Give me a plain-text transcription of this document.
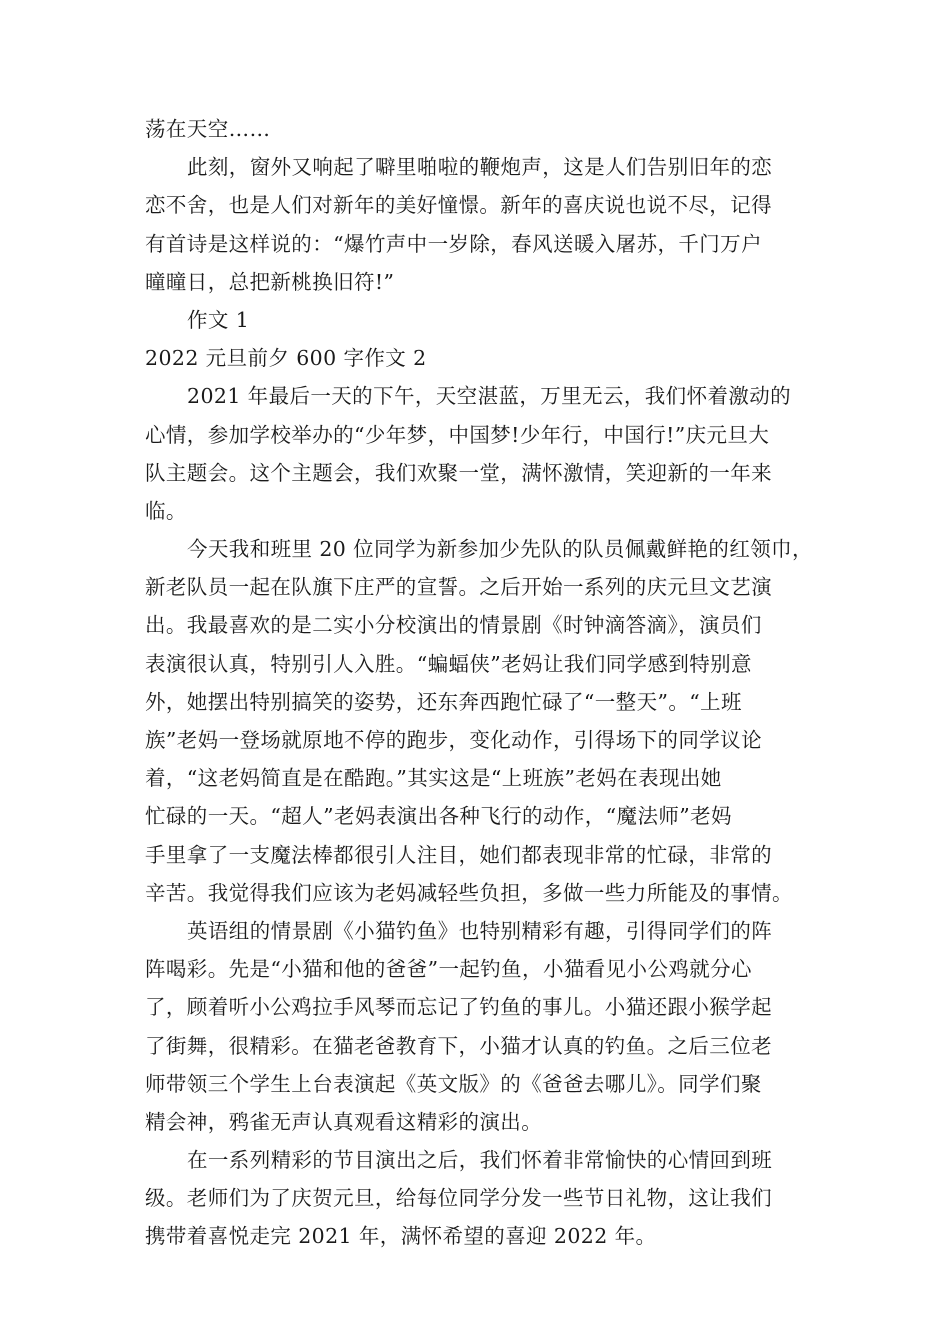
荡在天空……
此刻，窗外又响起了噼里啪啦的鞭炮声，这是人们告别旧年的恋
恋不舍，也是人们对新年的美好憧憬。新年的喜庆说也说不尽，记得
有首诗是这样说的：“爆竹声中一岁除，春风送暖入屠苏，千门万户
曈曈日，总把新桃换旧符!”
作文 1
2022 元旦前夕 600 字作文 2
2021 年最后一天的下午，天空湛蓝，万里无云，我们怀着激动的
心情，参加学校举办的“少年梦，中国梦!少年行，中国行!”庆元旦大
队主题会。这个主题会，我们欢聚一堂，满怀激情，笑迎新的一年来
临。
今天我和班里 20 位同学为新参加少先队的队员佩戴鲜艳的红领巾，
新老队员一起在队旗下庄严的宣誓。之后开始一系列的庆元旦文艺演
出。我最喜欢的是二实小分校演出的情景剧《时钟滴答滴》，演员们
表演很认真，特别引人入胜。“蝙蝠侠”老妈让我们同学感到特别意
外，她摆出特别搞笑的姿势，还东奔西跑忙碌了“一整天”。“上班
族”老妈一登场就原地不停的跑步，变化动作，引得场下的同学议论
着，“这老妈简直是在酷跑。”其实这是“上班族”老妈在表现出她
忙碌的一天。“超人”老妈表演出各种飞行的动作，“魔法师”老妈
手里拿了一支魔法棒都很引人注目，她们都表现非常的忙碌，非常的
辛苦。我觉得我们应该为老妈减轻些负担，多做一些力所能及的事情。
英语组的情景剧《小猫钓鱼》也特别精彩有趣，引得同学们的阵
阵喝彩。先是“小猫和他的爸爸”一起钓鱼，小猫看见小公鸡就分心
了，顾着听小公鸡拉手风琴而忘记了钓鱼的事儿。小猫还跟小猴学起
了街舞，很精彩。在猫老爸教育下，小猫才认真的钓鱼。之后三位老
师带领三个学生上台表演起《英文版》的《爸爸去哪儿》。同学们聚
精会神，鸦雀无声认真观看这精彩的演出。
在一系列精彩的节目演出之后，我们怀着非常愉快的心情回到班
级。老师们为了庆贺元旦，给每位同学分发一些节日礼物，这让我们
携带着喜悦走完 2021 年，满怀希望的喜迎 2022 年。
